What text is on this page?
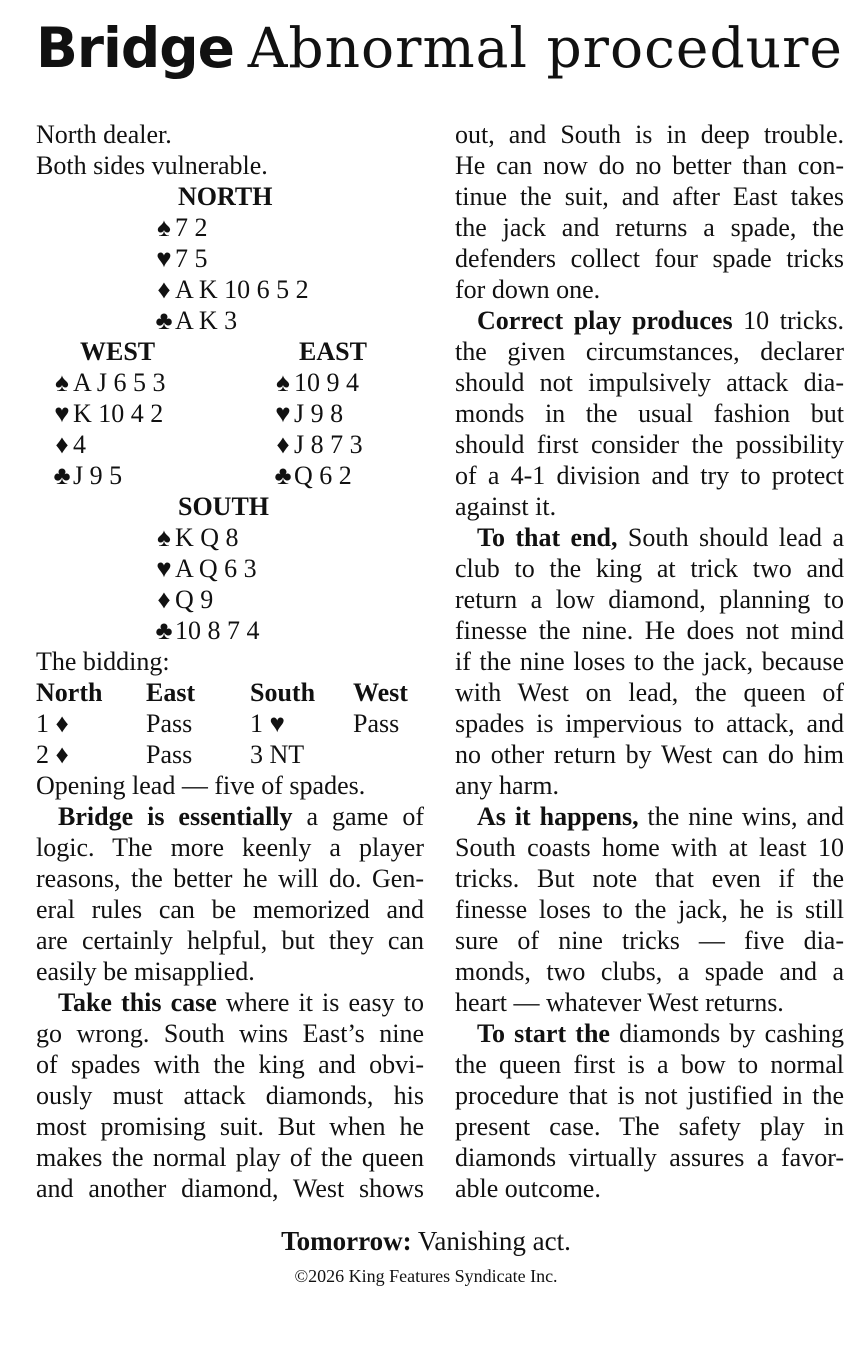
Bridge Abnormal procedure
North dealer.
Both sides vulnerable.
NORTH
♠ 7 2
♥ 7 5
♦ A K 10 6 5 2
♣A K 3
WEST	EAST
♠ A J 6 5 3	♠ 10 9 4
♥ K 10 4 2	♥ J 9 8
♦ 4	♦ J 8 7 3
♣J 9 5	♣Q 6 2
SOUTH
♠ K Q 8
♥ A Q 6 3
♦ Q 9
♣10 8 7 4
The bidding:
North East South West
1 ♦	Pass 1 ♥	Pass
2 ♦	Pass 3 NT
Opening lead — five of spades.
Bridge is essentially a game of
logic. The more keenly a player
reasons, the better he will do. Gen-
eral rules can be memorized and
are certainly helpful, but they can
easily be misapplied.
Take this case where it is easy to
go wrong. South wins East’s nine
of spades with the king and obvi-
ously must attack diamonds, his
most promising suit. But when he
makes the normal play of the queen
and another diamond, West shows
out, and South is in deep trouble.
He can now do no better than con-
tinue the suit, and after East takes
the jack and returns a spade, the
defenders collect four spade tricks
for down one.
Correct play produces 10 tricks.
the given circumstances, declarer
should not impulsively attack dia-
monds in the usual fashion but
should first consider the possibility
of a 4-1 division and try to protect
against it.
To that end, South should lead a
club to the king at trick two and
return a low diamond, planning to
finesse the nine. He does not mind
if the nine loses to the jack, because
with West on lead, the queen of
spades is impervious to attack, and
no other return by West can do him
any harm.
As it happens, the nine wins, and
South coasts home with at least 10
tricks. But note that even if the
finesse loses to the jack, he is still
sure of nine tricks — five dia-
monds, two clubs, a spade and a
heart — whatever West returns.
To start the diamonds by cashing
the queen first is a bow to normal
procedure that is not justified in the
present case. The safety play in
diamonds virtually assures a favor-
able outcome.
Tomorrow: Vanishing act.
©2026 King Features Syndicate Inc.
